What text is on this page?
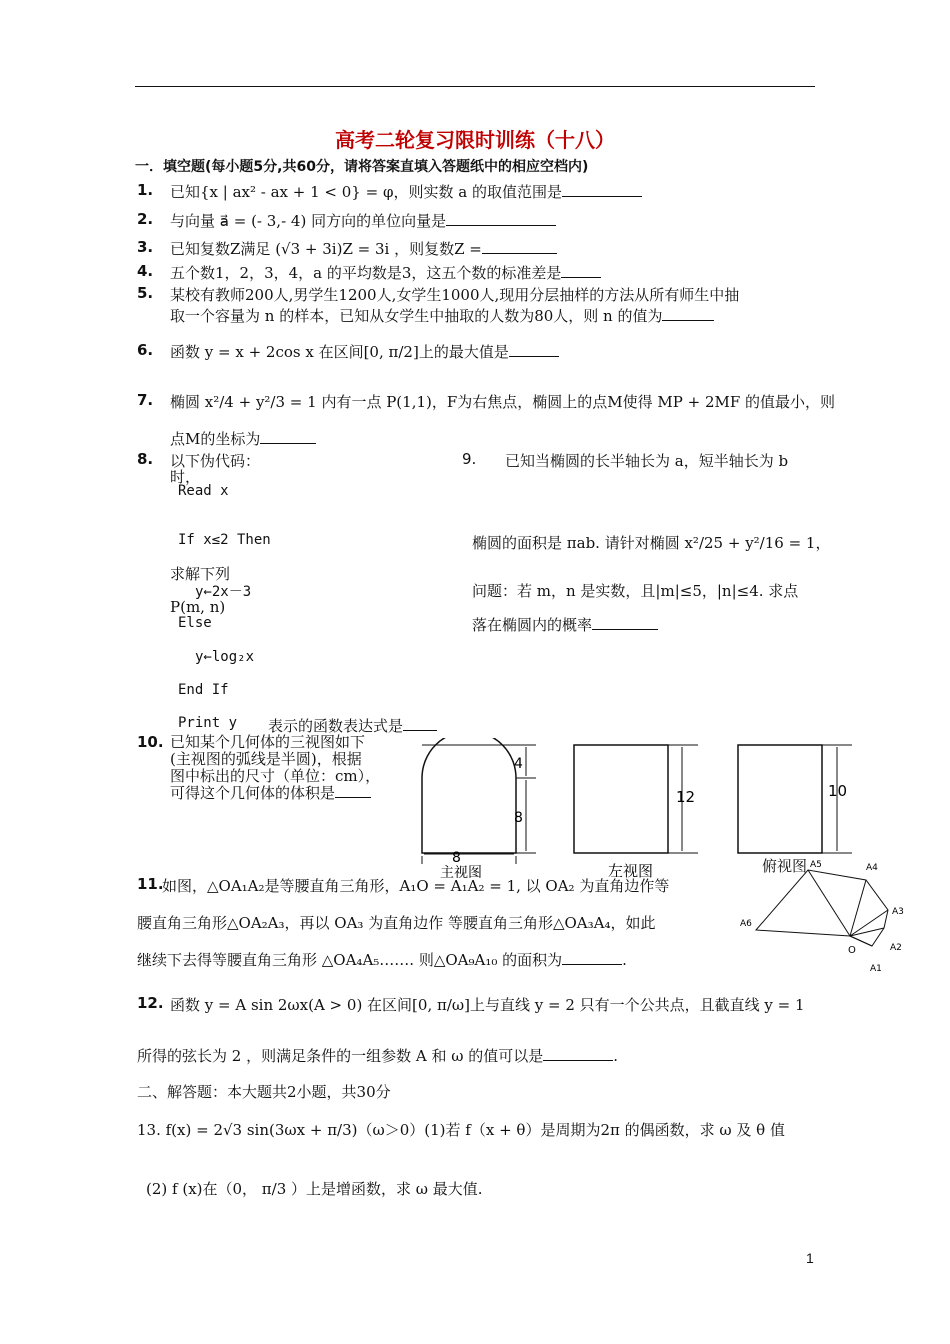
高考二轮复习限时训练（十八）
一．填空题(每小题5分,共60分，请将答案直填入答题纸中的相应空档内)
1. 已知{x | ax² - ax + 1 < 0} = φ，则实数 a 的取值范围是
2. 与向量 a⃗ = (- 3,- 4) 同方向的单位向量是
3. 已知复数Z满足 (√3 + 3i)Z = 3i ，则复数Z =
4. 五个数1，2，3，4，a 的平均数是3，这五个数的标准差是
5. 某校有教师200人,男学生1200人,女学生1000人,现用分层抽样的方法从所有师生中抽
取一个容量为 n 的样本，已知从女学生中抽取的人数为80人，则 n 的值为
6. 函数 y = x + 2cos x 在区间[0, π/2]上的最大值是
7. 椭圆 x²/4 + y²/3 = 1 内有一点 P(1,1)，F为右焦点，椭圆上的点M使得 MP + 2MF 的值最小，则
点M的坐标为
8. 以下伪代码：
时，
Read x
If x≤2 Then
求解下列
y←2x－3
P(m, n)
Else
y←log₂x
End If
Print y 表示的函数表达式是
9. 已知当椭圆的长半轴长为 a，短半轴长为 b
椭圆的面积是 πab. 请针对椭圆 x²/25 + y²/16 = 1，
问题：若 m，n 是实数，且|m|≤5，|n|≤4. 求点
落在椭圆内的概率
10. 已知某个几何体的三视图如下
(主视图的弧线是半圆)，根据
图中标出的尺寸（单位：cm），
可得这个几何体的体积是
4
8
8
主视图
12
左视图
10
俯视图
11.
如图，△OA₁A₂是等腰直角三角形，A₁O = A₁A₂ = 1, 以 OA₂ 为直角边作等
腰直角三角形△OA₂A₃，再以 OA₃ 为直角边作 等腰直角三角形△OA₃A₄，如此
继续下去得等腰直角三角形 △OA₄A₅……. 则△OA₉A₁₀ 的面积为	.
A5	A4
A3
A2
A1
A6
O
12. 函数 y = A sin 2ωx(A > 0) 在区间[0, π/ω]上与直线 y = 2 只有一个公共点，且截直线 y = 1
所得的弦长为 2 ，则满足条件的一组参数 A 和 ω 的值可以是	.
二、解答题：本大题共2小题，共30分
13. f(x) = 2√3 sin(3ωx + π/3)（ω＞0）(1)若 f（x + θ）是周期为2π 的偶函数，求 ω 及 θ 值
(2) f (x)在（0， π/3 ）上是增函数，求 ω 最大值.
1
